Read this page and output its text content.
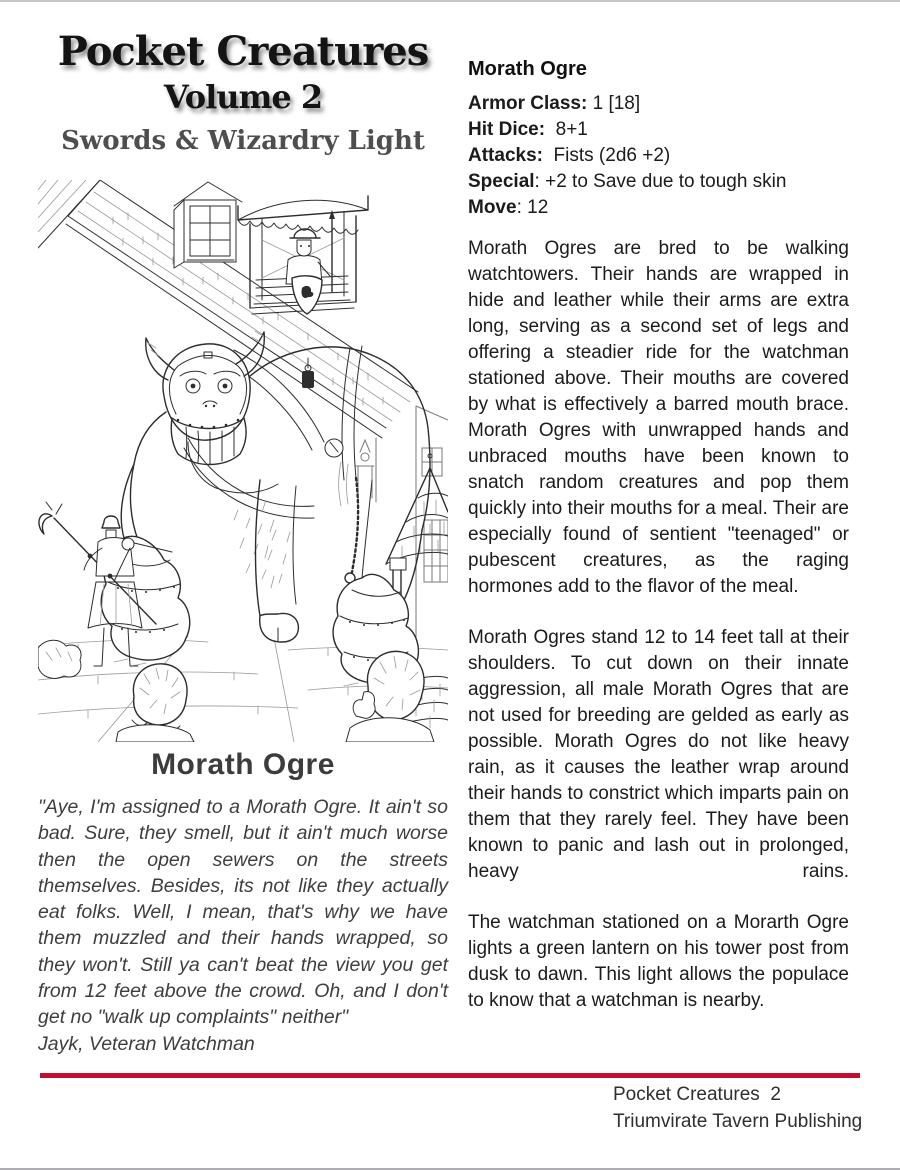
Pocket Creatures
Volume 2
Swords & Wizardry Light
Morath Ogre

"Aye, I'm assigned to a Morath Ogre. It ain't so bad. Sure, they smell, but it ain't much worse then the open sewers on the streets themselves. Besides, its not like they actually eat folks. Well, I mean, that's why we have them muzzled and their hands wrapped, so they won't. Still ya can't beat the view you get from 12 feet above the crowd. Oh, and I don't get no "walk up complaints" neither"

Jayk, Veteran Watchman

Morath Ogre
Armor Class: 1 [18]
Hit Dice:  8+1
Attacks:  Fists (2d6 +2)
Special: +2 to Save due to tough skin
Move: 12

Morath Ogres are bred to be walking watchtowers. Their hands are wrapped in hide and leather while their arms are extra long, serving as a second set of legs and offering a steadier ride for the watchman stationed above. Their mouths are covered by what is effectively a barred mouth brace. Morath Ogres with unwrapped hands and unbraced mouths have been known to snatch random creatures and pop them quickly into their mouths for a meal. Their are especially found of sentient "teenaged" or pubescent creatures, as the raging hormones add to the flavor of the meal.

Morath Ogres stand 12 to 14 feet tall at their shoulders. To cut down on their innate aggression, all male Morath Ogres that are not used for breeding are gelded as early as possible. Morath Ogres do not like heavy rain, as it causes the leather wrap around their hands to constrict which imparts pain on them that they rarely feel. They have been known to panic and lash out in prolonged, heavy rains.

The watchman stationed on a Morarth Ogre lights a green lantern on his tower post from dusk to dawn. This light allows the populace to know that a watchman is nearby.

Pocket Creatures  2
Triumvirate Tavern Publishing
